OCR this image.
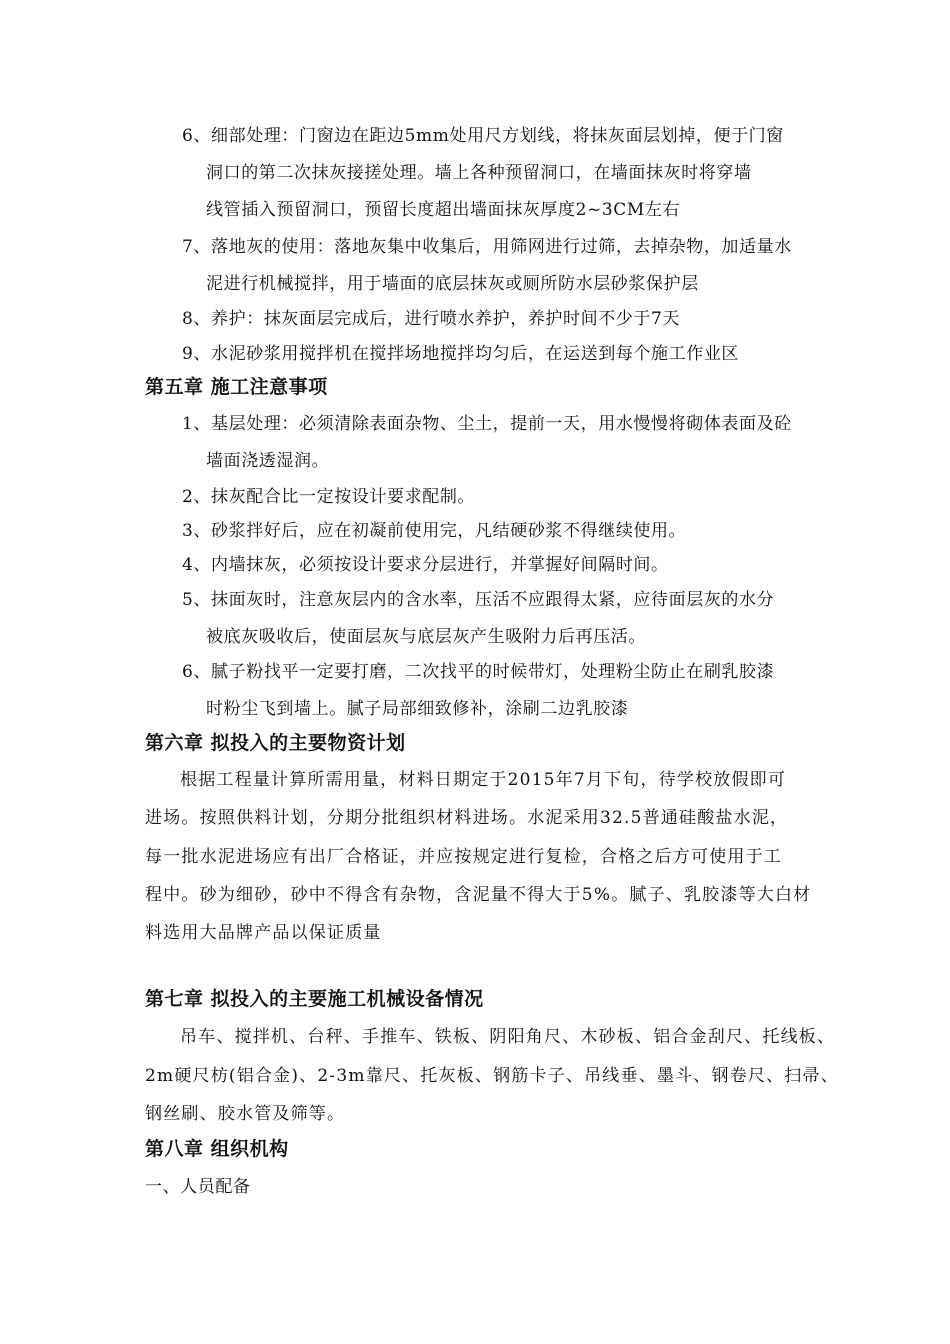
6、细部处理：门窗边在距边5mm处用尺方划线，将抹灰面层划掉，便于门窗
洞口的第二次抹灰接搓处理。墙上各种预留洞口，在墙面抹灰时将穿墙
线管插入预留洞口，预留长度超出墙面抹灰厚度2~3CM左右
7、落地灰的使用：落地灰集中收集后，用筛网进行过筛，去掉杂物，加适量水
泥进行机械搅拌，用于墙面的底层抹灰或厕所防水层砂浆保护层
8、养护：抹灰面层完成后，进行喷水养护，养护时间不少于7天
9、水泥砂浆用搅拌机在搅拌场地搅拌均匀后，在运送到每个施工作业区
第五章 施工注意事项
1、基层处理：必须清除表面杂物、尘土，提前一天，用水慢慢将砌体表面及砼
墙面浇透湿润。
2、抹灰配合比一定按设计要求配制。
3、砂浆拌好后，应在初凝前使用完，凡结硬砂浆不得继续使用。
4、内墙抹灰，必须按设计要求分层进行，并掌握好间隔时间。
5、抹面灰时，注意灰层内的含水率，压活不应跟得太紧，应待面层灰的水分
被底灰吸收后，使面层灰与底层灰产生吸附力后再压活。
6、腻子粉找平一定要打磨，二次找平的时候带灯，处理粉尘防止在刷乳胶漆
时粉尘飞到墙上。腻子局部细致修补，涂刷二边乳胶漆
第六章 拟投入的主要物资计划
根据工程量计算所需用量，材料日期定于2015年7月下旬，待学校放假即可
进场。按照供料计划，分期分批组织材料进场。水泥采用32.5普通硅酸盐水泥，
每一批水泥进场应有出厂合格证，并应按规定进行复检，合格之后方可使用于工
程中。砂为细砂，砂中不得含有杂物，含泥量不得大于5%。腻子、乳胶漆等大白材
料选用大品牌产品以保证质量
第七章 拟投入的主要施工机械设备情况
吊车、搅拌机、台秤、手推车、铁板、阴阳角尺、木砂板、铝合金刮尺、托线板、
2m硬尺枋(铝合金)、2-3m靠尺、托灰板、钢筋卡子、吊线垂、墨斗、钢卷尺、扫帚、
钢丝刷、胶水管及筛等。
第八章 组织机构
一、人员配备
